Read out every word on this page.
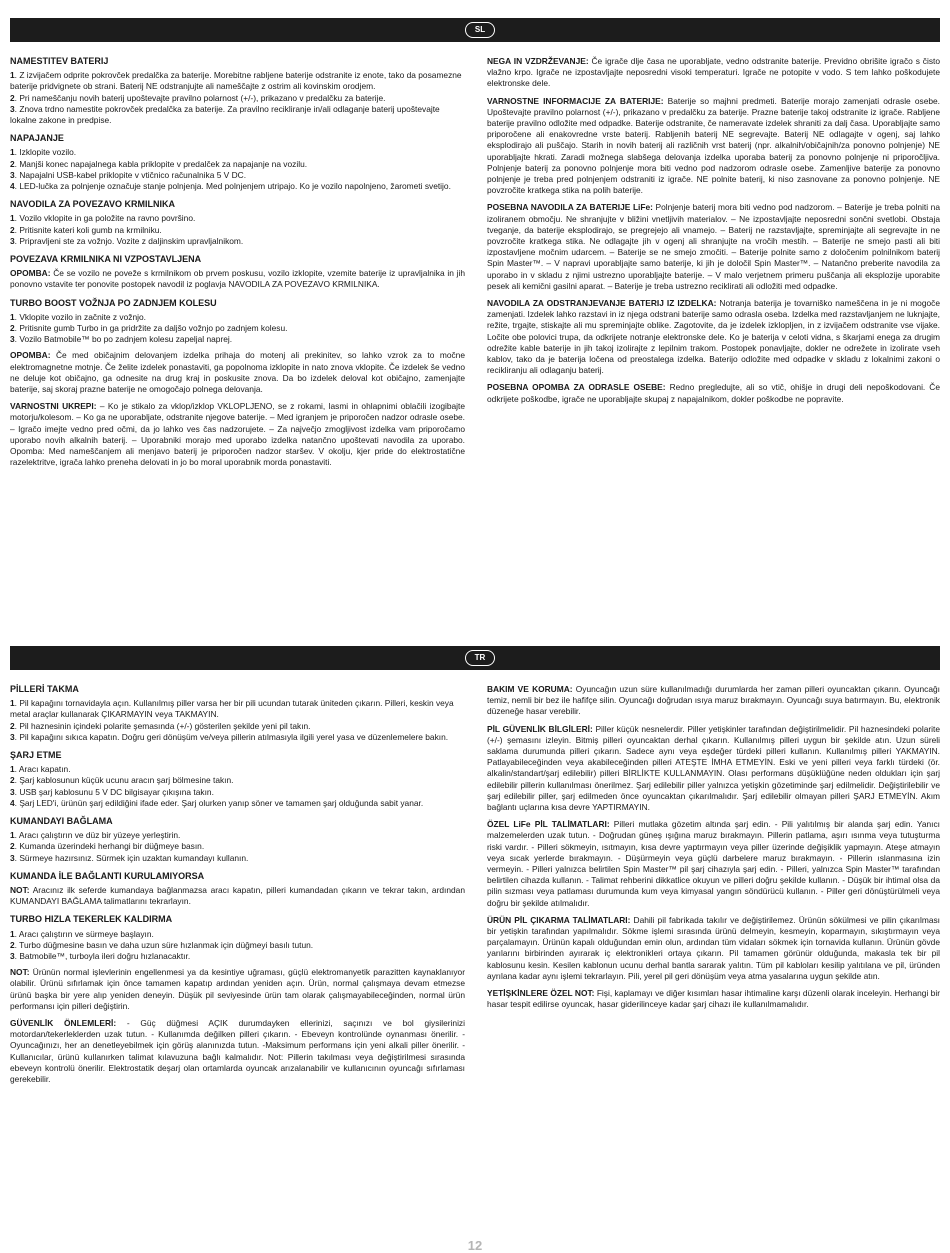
SL
NAMESTITEV BATERIJ
1. Z izvijačem odprite pokrovček predalčka za baterije. Morebitne rabljene baterije odstranite iz enote, tako da posamezne baterije pridvignete ob strani. Baterij NE odstranjujte ali nameščajte z ostrim ali kovinskim orodjem.
2. Pri nameščanju novih baterij upoštevajte pravilno polarnost (+/-), prikazano v predalčku za baterije.
3. Znova trdno namestite pokrovček predalčka za baterije. Za pravilno recikliranje in/ali odlaganje baterij upoštevajte lokalne zakone in predpise.
NAPAJANJE
1. Izklopite vozilo.
2. Manjši konec napajalnega kabla priklopite v predalček za napajanje na vozilu.
3. Napajalni USB-kabel priklopite v vtičnico računalnika 5 V DC.
4. LED-lučka za polnjenje označuje stanje polnjenja. Med polnjenjem utripajo. Ko je vozilo napolnjeno, žarometi svetijo.
NAVODILA ZA POVEZAVO KRMILNIKA
1. Vozilo vklopite in ga položite na ravno površino.
2. Pritisnite kateri koli gumb na krmilniku.
3. Pripravljeni ste za vožnjo. Vozite z daljinskim upravljalnikom.
POVEZAVA KRMILNIKA NI VZPOSTAVLJENA

OPOMBA: Če se vozilo ne poveže s krmilnikom ob prvem poskusu, vozilo izklopite, vzemite baterije iz upravljalnika in jih ponovno vstavite ter ponovite postopek navodil iz poglavja NAVODILA ZA POVEZAVO KRMILNIKA.

TURBO BOOST VOŽNJA PO ZADNJEM KOLESU
1. Vklopite vozilo in začnite z vožnjo.
2. Pritisnite gumb Turbo in ga pridržite za daljšo vožnjo po zadnjem kolesu.
3. Vozilo Batmobile™ bo po zadnjem kolesu zapeljal naprej.

OPOMBA: Če med običajnim delovanjem izdelka prihaja do motenj ali prekinitev, so lahko vzrok za to močne elektromagnetne motnje. Če želite izdelek ponastaviti, ga popolnoma izklopite in nato znova vklopite. Če izdelek še vedno ne deluje kot običajno, ga odnesite na drug kraj in poskusite znova. Da bo izdelek deloval kot običajno, zamenjajte baterije, saj skoraj prazne baterije ne omogočajo polnega delovanja.

VARNOSTNI UKREPI: – Ko je stikalo za vklop/izklop VKLOPLJENO, se z rokami, lasmi in ohlapnimi oblačili izogibajte motorju/kolesom. – Ko ga ne uporabljate, odstranite njegove baterije. – Med igranjem je priporočen nadzor odrasle osebe. – Igračo imejte vedno pred očmi, da jo lahko ves čas nadzorujete. – Za največjo zmogljivost izdelka vam priporočamo uporabo novih alkalnih baterij. – Uporabniki morajo med uporabo izdelka natančno upoštevati navodila za uporabo. Opomba: Med nameščanjem ali menjavo baterij je priporočen nadzor staršev. V okolju, kjer pride do elektrostatične razelektritve, igrača lahko preneha delovati in jo bo moral uporabnik morda ponastaviti.

NEGA IN VZDRŽEVANJE: Če igrače dlje časa ne uporabljate, vedno odstranite baterije. Previdno obrišite igračo s čisto vlažno krpo. Igrače ne izpostavljajte neposredni visoki temperaturi. Igrače ne potopite v vodo. S tem lahko poškodujete elektronske dele.

VARNOSTNE INFORMACIJE ZA BATERIJE: Baterije so majhni predmeti. Baterije morajo zamenjati odrasle osebe. Upoštevajte pravilno polarnost (+/-), prikazano v predalčku za baterije. Prazne baterije takoj odstranite iz igrače. Rabljene baterije pravilno odložite med odpadke. Baterije odstranite, če nameravate izdelek shraniti za dalj časa. Uporabljajte samo priporočene ali enakovredne vrste baterij. Rabljenih baterij NE segrevajte. Baterij NE odlagajte v ogenj, saj lahko eksplodirajo ali puščajo. Starih in novih baterij ali različnih vrst baterij (npr. alkalnih/običajnih/za ponovno polnjenje) NE uporabljajte hkrati. Zaradi možnega slabšega delovanja izdelka uporaba baterij za ponovno polnjenje ni priporočljiva. Polnjenje baterij za ponovno polnjenje mora biti vedno pod nadzorom odrasle osebe. Zamenljive baterije za ponovno polnjenje je treba pred polnjenjem odstraniti iz igrače. NE polnite baterij, ki niso zasnovane za ponovno polnjenje. NE povzročite kratkega stika na polih baterije.

POSEBNA NAVODILA ZA BATERIJE LiFe: Polnjenje baterij mora biti vedno pod nadzorom. – Baterije je treba polniti na izoliranem območju. Ne shranjujte v bližini vnetljivih materialov. – Ne izpostavljajte neposredni sončni svetlobi. Obstaja tveganje, da baterije eksplodirajo, se pregrejejo ali vnamejo. – Baterij ne razstavljajte, spreminjajte ali segrevajte in ne povzročite kratkega stika. Ne odlagajte jih v ogenj ali shranjujte na vročih mestih. – Baterije ne smejo pasti ali biti izpostavljene močnim udarcem. – Baterije se ne smejo zmočiti. – Baterije polnite samo z določenim polnilnikom baterij Spin Master™. – V napravi uporabljajte samo baterije, ki jih je določil Spin Master™. – Natančno preberite navodila za uporabo in v skladu z njimi ustrezno uporabljajte baterije. – V malo verjetnem primeru puščanja ali eksplozije uporabite pesek ali kemični gasilni aparat. – Baterije je treba ustrezno reciklirati ali odložiti med odpadke.

NAVODILA ZA ODSTRANJEVANJE BATERIJ IZ IZDELKA: Notranja baterija je tovarniško nameščena in je ni mogoče zamenjati. Izdelek lahko razstavi in iz njega odstrani baterije samo odrasla oseba. Izdelka med razstavljanjem ne luknjajte, režite, trgajte, stiskajte ali mu spreminjajte oblike. Zagotovite, da je izdelek izklopljen, in z izvijačem odstranite vse vijake. Ločite obe polovici trupa, da odkrijete notranje elektronske dele. Ko je baterija v celoti vidna, s škarjami enega za drugim odrežite kable baterije in jih takoj izolirajte z lepilnim trakom. Postopek ponavljajte, dokler ne odrežete in izolirate vseh kablov, tako da je baterija ločena od preostalega izdelka. Baterijo odložite med odpadke v skladu z lokalnimi zakoni o recikliranju ali odlaganju baterij.

POSEBNA OPOMBA ZA ODRASLE OSEBE: Redno pregledujte, ali so vtič, ohišje in drugi deli nepoškodovani. Če odkrijete poškodbe, igrače ne uporabljajte skupaj z napajalnikom, dokler poškodbe ne popravite.

TR
PİLLERİ TAKMA
1. Pil kapağını tornavidayla açın. Kullanılmış piller varsa her bir pili ucundan tutarak üniteden çıkarın. Pilleri, keskin veya metal araçlar kullanarak ÇIKARMAYIN veya TAKMAYIN.
2. Pil haznesinin içindeki polarite şemasında (+/-) gösterilen şekilde yeni pil takın.
3. Pil kapağını sıkıca kapatın. Doğru geri dönüşüm ve/veya pillerin atılmasıyla ilgili yerel yasa ve düzenlemelere bakın.
ŞARJ ETME
1. Aracı kapatın.
2. Şarj kablosunun küçük ucunu aracın şarj bölmesine takın.
3. USB şarj kablosunu 5 V DC bilgisayar çıkışına takın.
4. Şarj LED'i, ürünün şarj edildiğini ifade eder. Şarj olurken yanıp söner ve tamamen şarj olduğunda sabit yanar.
KUMANDAYI BAĞLAMA
1. Aracı çalıştırın ve düz bir yüzeye yerleştirin.
2. Kumanda üzerindeki herhangi bir düğmeye basın.
3. Sürmeye hazırsınız. Sürmek için uzaktan kumandayı kullanın.
KUMANDA İLE BAĞLANTI KURULAMIYORSA

NOT: Aracınız ilk seferde kumandaya bağlanmazsa aracı kapatın, pilleri kumandadan çıkarın ve tekrar takın, ardından KUMANDAYI BAĞLAMA talimatlarını tekrarlayın.

TURBO HIZLA TEKERLEK KALDIRMA
1. Aracı çalıştırın ve sürmeye başlayın.
2. Turbo düğmesine basın ve daha uzun süre hızlanmak için düğmeyi basılı tutun.
3. Batmobile™, turboyla ileri doğru hızlanacaktır.

NOT: Ürünün normal işlevlerinin engellenmesi ya da kesintiye uğraması, güçlü elektromanyetik parazitten kaynaklanıyor olabilir. Ürünü sıfırlamak için önce tamamen kapatıp ardından yeniden açın. Ürün, normal çalışmaya devam etmezse ürünü başka bir yere alıp yeniden deneyin. Düşük pil seviyesinde ürün tam olarak çalışmayabileceğinden, normal ürün performansı için pilleri değiştirin.

GÜVENLİK ÖNLEMLERİ: - Güç düğmesi AÇIK durumdayken ellerinizi, saçınızı ve bol giysilerinizi motordan/tekerleklerden uzak tutun. - Kullanımda değilken pilleri çıkarın. - Ebeveyn kontrolünde oynanması önerilir. - Oyuncağınızı, her an denetleyebilmek için görüş alanınızda tutun. -Maksimum performans için yeni alkali piller önerilir. - Kullanıcılar, ürünü kullanırken talimat kılavuzuna bağlı kalmalıdır. Not: Pillerin takılması veya değiştirilmesi sırasında ebeveyn kontrolü önerilir. Elektrostatik deşarj olan ortamlarda oyuncak arızalanabilir ve kullanıcının oyuncağı sıfırlaması gerekebilir.

BAKIM VE KORUMA: Oyuncağın uzun süre kullanılmadığı durumlarda her zaman pilleri oyuncaktan çıkarın. Oyuncağı temiz, nemli bir bez ile hafifçe silin. Oyuncağı doğrudan ısıya maruz bırakmayın. Oyuncağı suya batırmayın. Bu, elektronik düzeneğe hasar verebilir.

PİL GÜVENLİK BİLGİLERİ: Piller küçük nesnelerdir. Piller yetişkinler tarafından değiştirilmelidir. Pil haznesindeki polarite (+/-) şemasını izleyin. Bitmiş pilleri oyuncaktan derhal çıkarın. Kullanılmış pilleri uygun bir şekilde atın. Uzun süreli saklama durumunda pilleri çıkarın. Sadece aynı veya eşdeğer türdeki pilleri kullanın. Kullanılmış pilleri YAKMAYIN. Patlayabileceğinden veya akabileceğinden pilleri ATEŞTE İMHA ETMEYİN. Eski ve yeni pilleri veya farklı türdeki (ör. alkalin/standart/şarj edilebilir) pilleri BİRLİKTE KULLANMAYIN. Olası performans düşüklüğüne neden oldukları için şarj edilebilir pillerin kullanılması önerilmez. Şarj edilebilir piller yalnızca yetişkin gözetiminde şarj edilmelidir. Değiştirilebilir ve şarj edilebilir piller, şarj edilmeden önce oyuncaktan çıkarılmalıdır. Şarj edilebilir olmayan pilleri ŞARJ ETMEYİN. Akım bağlantı uçlarına kısa devre YAPTIRMAYIN.

ÖZEL LiFe PİL TALİMATLARI: Pilleri mutlaka gözetim altında şarj edin. - Pili yalıtılmış bir alanda şarj edin. Yanıcı malzemelerden uzak tutun. - Doğrudan güneş ışığına maruz bırakmayın. Pillerin patlama, aşırı ısınma veya tutuşturma riski vardır. - Pilleri sökmeyin, ısıtmayın, kısa devre yaptırmayın veya piller üzerinde değişiklik yapmayın. Ateşe atmayın veya sıcak yerlerde bırakmayın. - Düşürmeyin veya güçlü darbelere maruz bırakmayın. - Pillerin ıslanmasına izin vermeyin. - Pilleri yalnızca belirtilen Spin Master™ pil şarj cihazıyla şarj edin. - Pilleri, yalnızca Spin Master™ tarafından belirtilen cihazda kullanın. - Talimat rehberini dikkatlice okuyun ve pilleri doğru şekilde kullanın. - Düşük bir ihtimal olsa da pilin sızması veya patlaması durumunda kum veya kimyasal yangın söndürücü kullanın. - Piller geri dönüştürülmeli veya doğru bir şekilde atılmalıdır.

ÜRÜN PİL ÇIKARMA TALİMATLARI: Dahili pil fabrikada takılır ve değiştirilemez. Ürünün sökülmesi ve pilin çıkarılması bir yetişkin tarafından yapılmalıdır. Sökme işlemi sırasında ürünü delmeyin, kesmeyin, koparmayın, sıkıştırmayın veya parçalamayın. Ürünün kapalı olduğundan emin olun, ardından tüm vidaları sökmek için tornavida kullanın. Ürünün gövde yarılarını birbirinden ayırarak iç elektronikleri ortaya çıkarın. Pil tamamen görünür olduğunda, makasla tek bir pil kablosunu kesin. Kesilen kablonun ucunu derhal bantla sararak yalıtın. Tüm pil kabloları kesilip yalıtılana ve pil, üründen ayrılana kadar aynı işlemi tekrarlayın. Pili, yerel pil geri dönüşüm veya atma yasalarına uygun şekilde atın.

YETİŞKİNLERE ÖZEL NOT: Fişi, kaplamayı ve diğer kısımları hasar ihtimaline karşı düzenli olarak inceleyin. Herhangi bir hasar tespit edilirse oyuncak, hasar giderilinceye kadar şarj cihazı ile kullanılmamalıdır.

12
